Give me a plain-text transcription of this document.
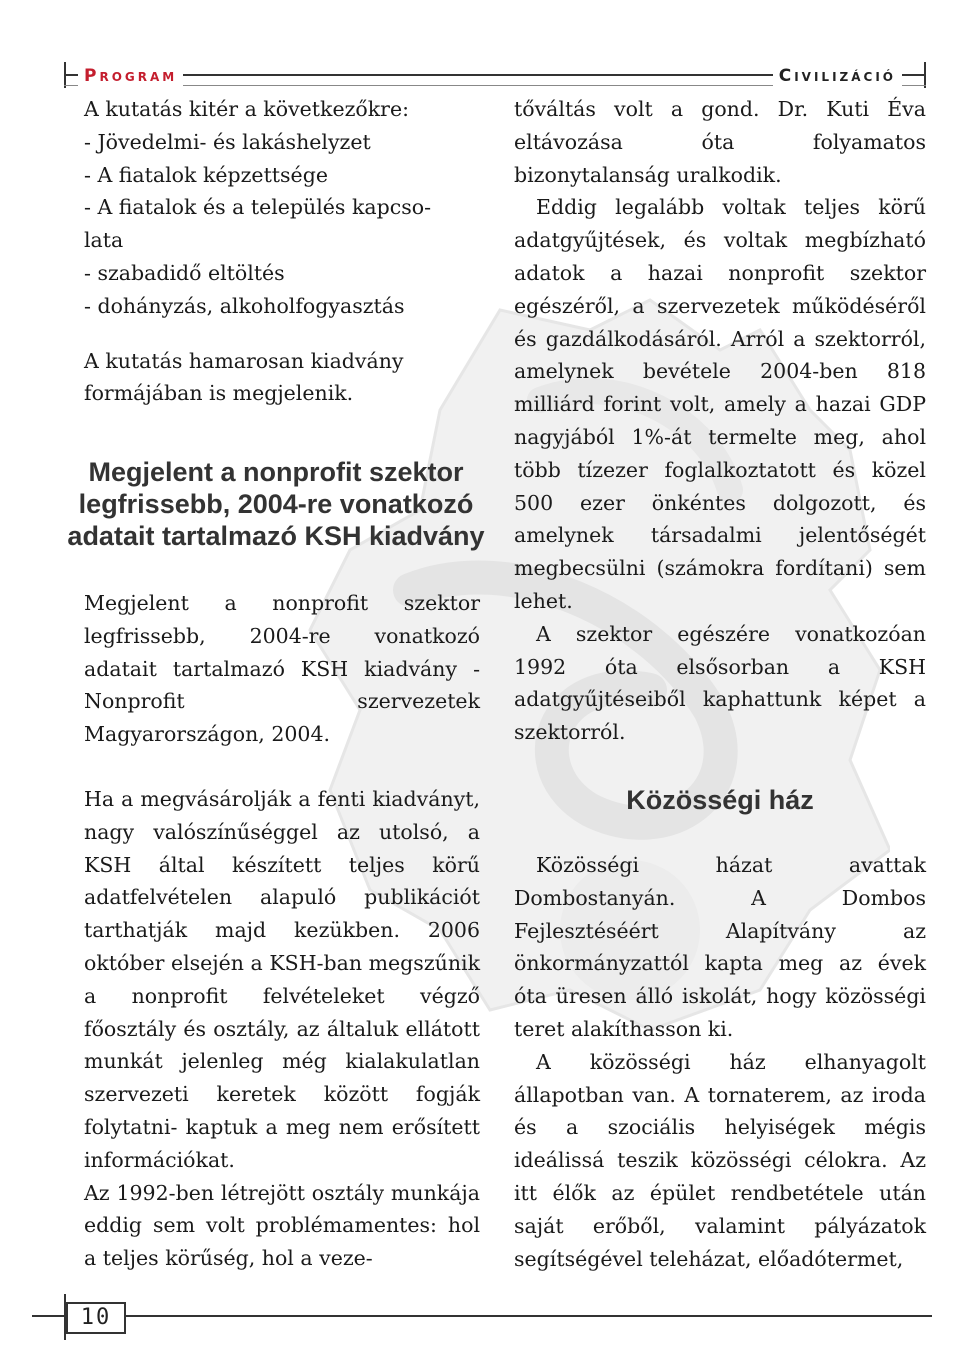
Program	Civilizáció

A kutatás kitér a következőkre:

- Jövedelmi- és lakáshelyzet

- A fiatalok képzettsége

- A fiatalok és a település kapcso-lata

- szabadidő eltöltés

- dohányzás, alkoholfogyasztás

A kutatás hamarosan kiadvány formájában is megjelenik.

Megjelent a nonprofit szektor legfrissebb, 2004-re vonatkozó adatait tartalmazó KSH kiadvány

Megjelent a nonprofit szektor legfrissebb, 2004-re vonatkozó adatait tartalmazó KSH kiadvány - Nonprofit szervezetek Magyarországon, 2004.

Ha a megvásárolják a fenti kiadványt, nagy valószínűséggel az utolsó, a KSH által készített teljes körű adatfelvételen alapuló publikációt tarthatják majd kezükben. 2006 október elsején a KSH-ban megszűnik a nonprofit felvételeket végző főosztály és osztály, az általuk ellátott munkát jelenleg még kialakulatlan szervezeti keretek között fogják folytatni- kaptuk a meg nem erősített információkat.

Az 1992-ben létrejött osztály munkája eddig sem volt problémamentes: hol a teljes körűség, hol a veze-

tőváltás volt a gond. Dr. Kuti Éva eltávozása óta folyamatos bizonytalanság uralkodik.

Eddig legalább voltak teljes körű adatgyűjtések, és voltak megbízható adatok a hazai nonprofit szektor egészéről, a szervezetek működéséről és gazdálkodásáról. Arról a szektorról, amelynek bevétele 2004-ben 818 milliárd forint volt, amely a hazai GDP nagyjából 1%-át termelte meg, ahol több tízezer foglalkoztatott és közel 500 ezer önkéntes dolgozott, és amelynek társadalmi jelentőségét megbecsülni (számokra fordítani) sem lehet.

A szektor egészére vonatkozóan 1992 óta elsősorban a KSH adatgyűjtéseiből kaphattunk képet a szektorról.

Közösségi ház

Közösségi házat avattak Dombostanyán. A Dombos Fejlesztéséért Alapítvány az önkormányzattól kapta meg az évek óta üresen álló iskolát, hogy közösségi teret alakíthasson ki.

A közösségi ház elhanyagolt állapotban van. A tornaterem, az iroda és a szociális helyiségek mégis ideálissá teszik közösségi célokra. Az itt élők az épület rendbetétele után saját erőből, valamint pályázatok segítségével teleházat, előadótermet,

10
